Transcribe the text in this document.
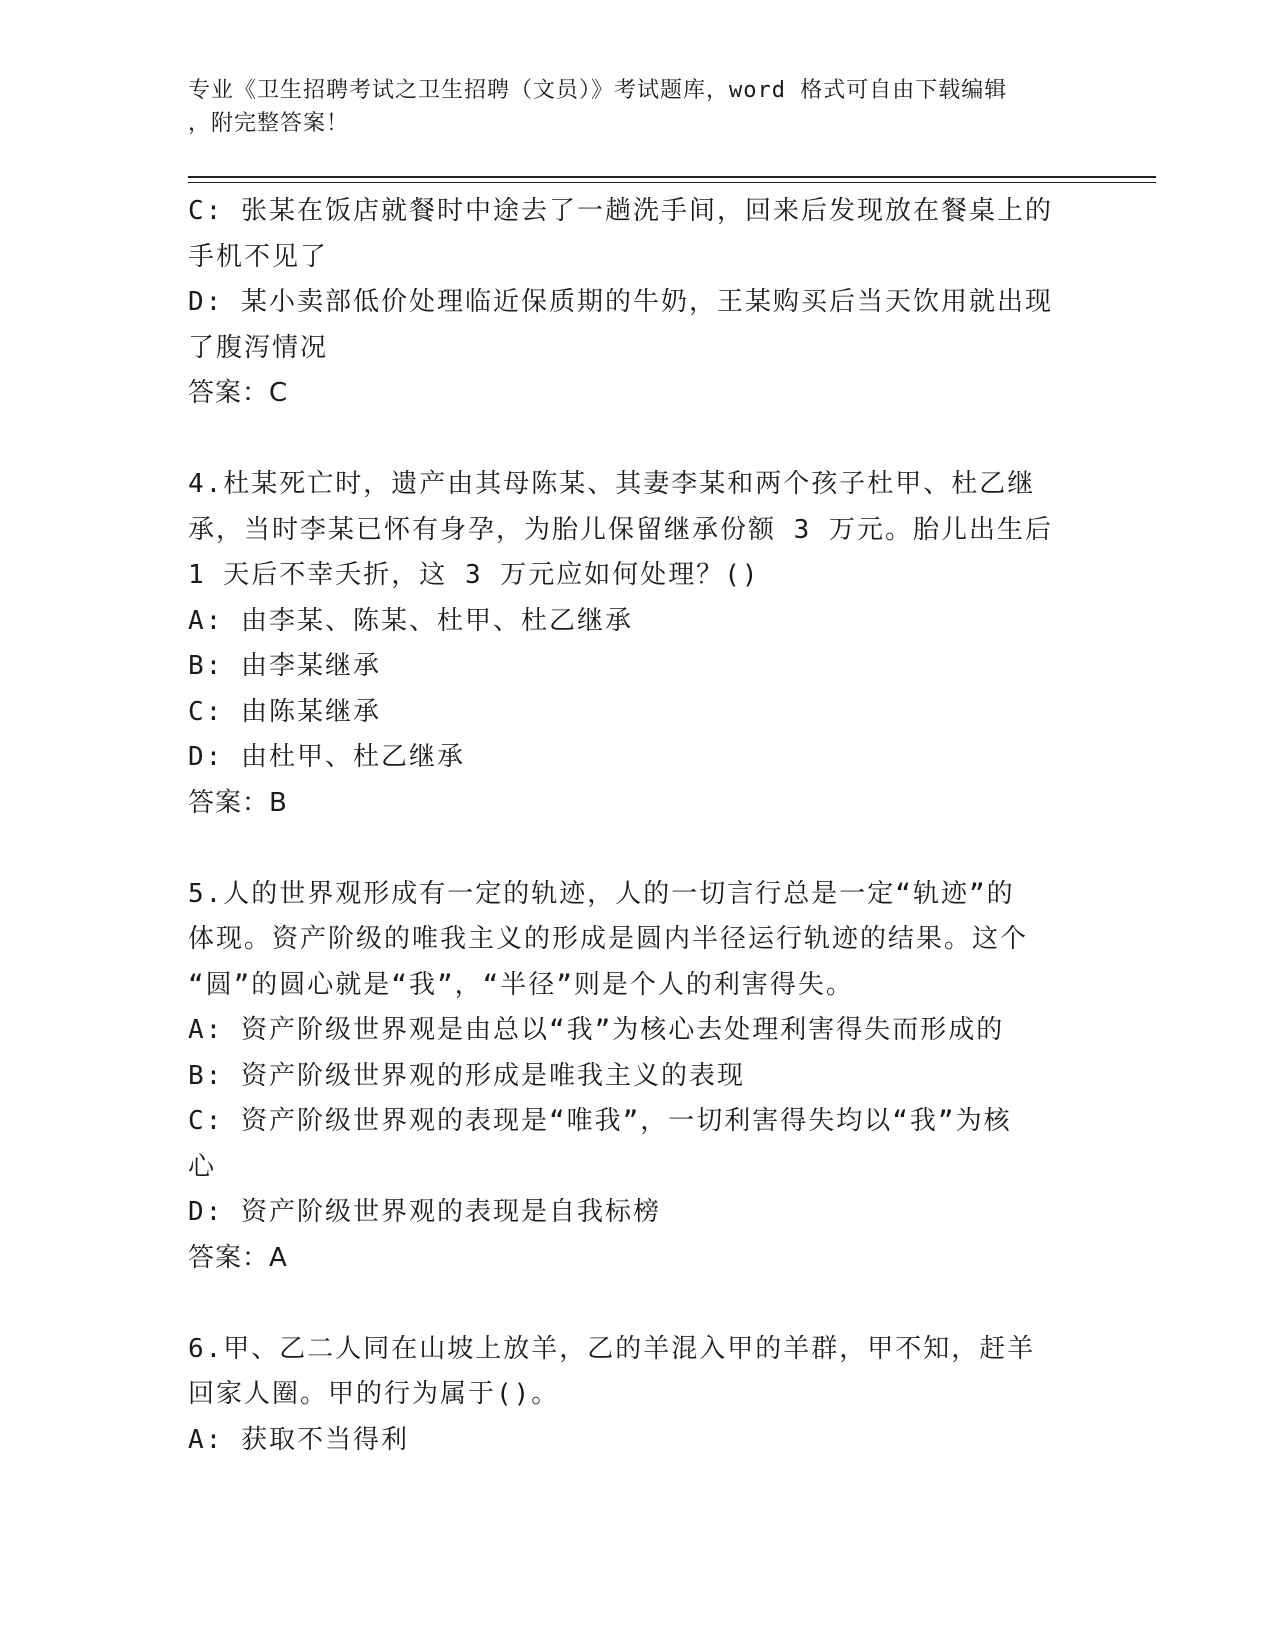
专业《卫生招聘考试之卫生招聘（文员）》考试题库，word 格式可自由下载编辑
，附完整答案！
C: 张某在饭店就餐时中途去了一趟洗手间，回来后发现放在餐桌上的
手机不见了
D: 某小卖部低价处理临近保质期的牛奶，王某购买后当天饮用就出现
了腹泻情况
答案：C
4.杜某死亡时，遗产由其母陈某、其妻李某和两个孩子杜甲、杜乙继
承，当时李某已怀有身孕，为胎儿保留继承份额 3 万元。胎儿出生后
1 天后不幸夭折，这 3 万元应如何处理？()
A: 由李某、陈某、杜甲、杜乙继承
B: 由李某继承
C: 由陈某继承
D: 由杜甲、杜乙继承
答案：B
5.人的世界观形成有一定的轨迹，人的一切言行总是一定“轨迹”的
体现。资产阶级的唯我主义的形成是圆内半径运行轨迹的结果。这个
“圆”的圆心就是“我”，“半径”则是个人的利害得失。
A: 资产阶级世界观是由总以“我”为核心去处理利害得失而形成的
B: 资产阶级世界观的形成是唯我主义的表现
C: 资产阶级世界观的表现是“唯我”，一切利害得失均以“我”为核
心
D: 资产阶级世界观的表现是自我标榜
答案：A
6.甲、乙二人同在山坡上放羊，乙的羊混入甲的羊群，甲不知，赶羊
回家人圈。甲的行为属于()。
A: 获取不当得利
